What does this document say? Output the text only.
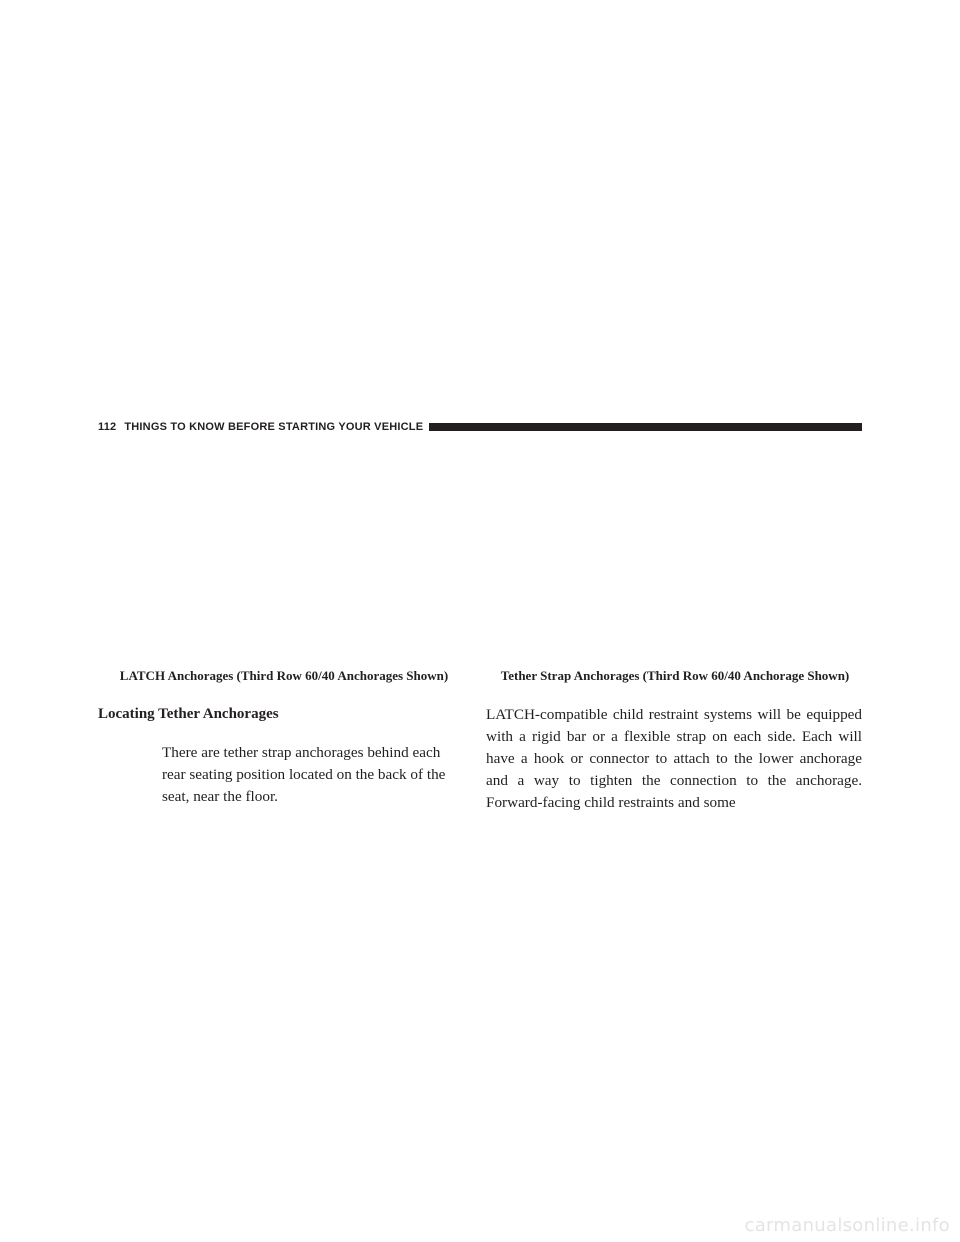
112 THINGS TO KNOW BEFORE STARTING YOUR VEHICLE
LATCH Anchorages (Third Row 60/40 Anchorages Shown)	Tether Strap Anchorages (Third Row 60/40 Anchorage Shown)
Locating Tether Anchorages

There are tether strap anchorages behind each rear seating position located on the back of the seat, near the floor.

LATCH-compatible child restraint systems will be equipped with a rigid bar or a flexible strap on each side. Each will have a hook or connector to attach to the lower anchorage and a way to tighten the connection to the anchorage. Forward-facing child restraints and some

carmanualsonline.info
